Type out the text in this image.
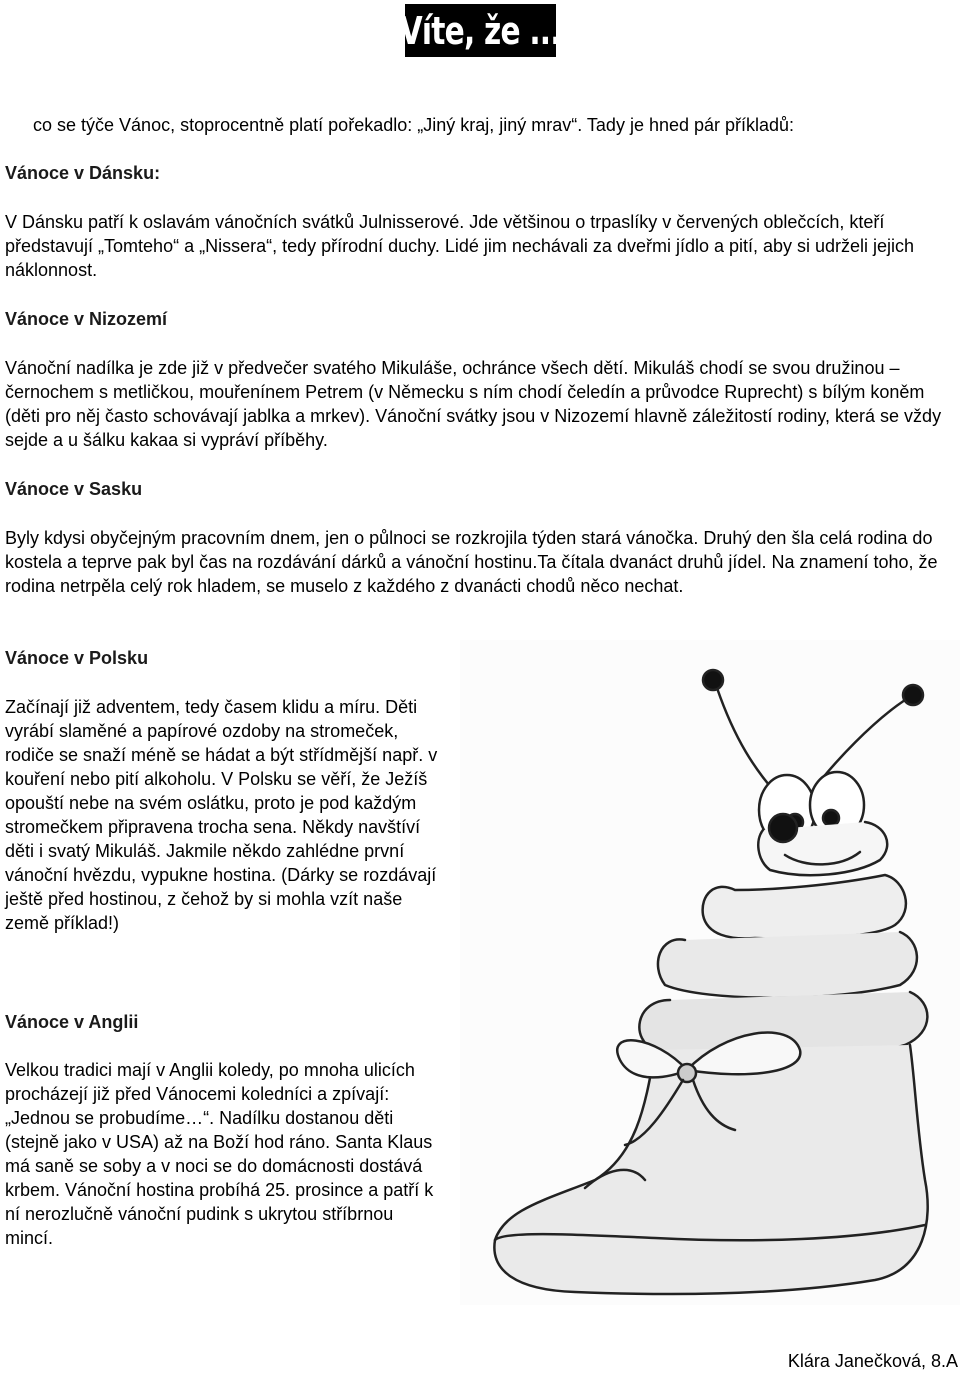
Víte, že ...

co se týče Vánoc, stoprocentně platí pořekadlo: „Jiný kraj, jiný mrav“. Tady je hned pár příkladů:

Vánoce v Dánsku:

V Dánsku patří k oslavám vánočních svátků Julnisserové. Jde většinou o trpaslíky v červených oblečcích, kteří představují „Tomteho“ a „Nissera“, tedy přírodní duchy. Lidé jim nechávali za dveřmi jídlo a pití, aby si udrželi jejich náklonnost.

Vánoce v Nizozemí

Vánoční nadílka je zde již v předvečer svatého Mikuláše, ochránce všech dětí. Mikuláš chodí se svou družinou – černochem s metličkou, mouřenínem Petrem (v Německu s ním chodí čeledín a průvodce Ruprecht) s bílým koněm (děti pro něj často schovávají jablka a mrkev). Vánoční svátky jsou v Nizozemí hlavně záležitostí rodiny, která se vždy sejde a u šálku kakaa si vypráví příběhy.

Vánoce v Sasku

Byly kdysi obyčejným pracovním dnem, jen o půlnoci se rozkrojila týden stará vánočka. Druhý den šla celá rodina do kostela a teprve pak byl čas na rozdávání dárků a vánoční hostinu.Ta čítala dvanáct druhů jídel. Na znamení toho, že rodina netrpěla celý rok hladem, se muselo z každého z dvanácti chodů něco nechat.

Vánoce v Polsku

Začínají již adventem, tedy časem klidu a míru. Děti vyrábí slaměné a papírové ozdoby na stromeček, rodiče se snaží méně se hádat a být střídmější např. v kouření nebo pití alkoholu. V Polsku se věří, že Ježíš opouští nebe na svém oslátku, proto je pod každým stromečkem připravena trocha sena. Někdy navštíví děti i svatý Mikuláš. Jakmile někdo zahlédne první vánoční hvězdu, vypukne hostina. (Dárky se rozdávají ještě před hostinou, z čehož by si mohla vzít naše země příklad!)

Vánoce v Anglii

Velkou tradici mají v Anglii koledy, po mnoha ulicích procházejí již před Vánocemi koledníci a zpívají: „Jednou se probudíme…“. Nadílku dostanou děti (stejně jako v USA) až na Boží hod ráno. Santa Klaus má saně se soby a v noci se do domácnosti dostává krbem. Vánoční hostina probíhá 25. prosince a patří k ní nerozlučně vánoční pudink s ukrytou stříbrnou mincí.

Klára Janečková, 8.A
